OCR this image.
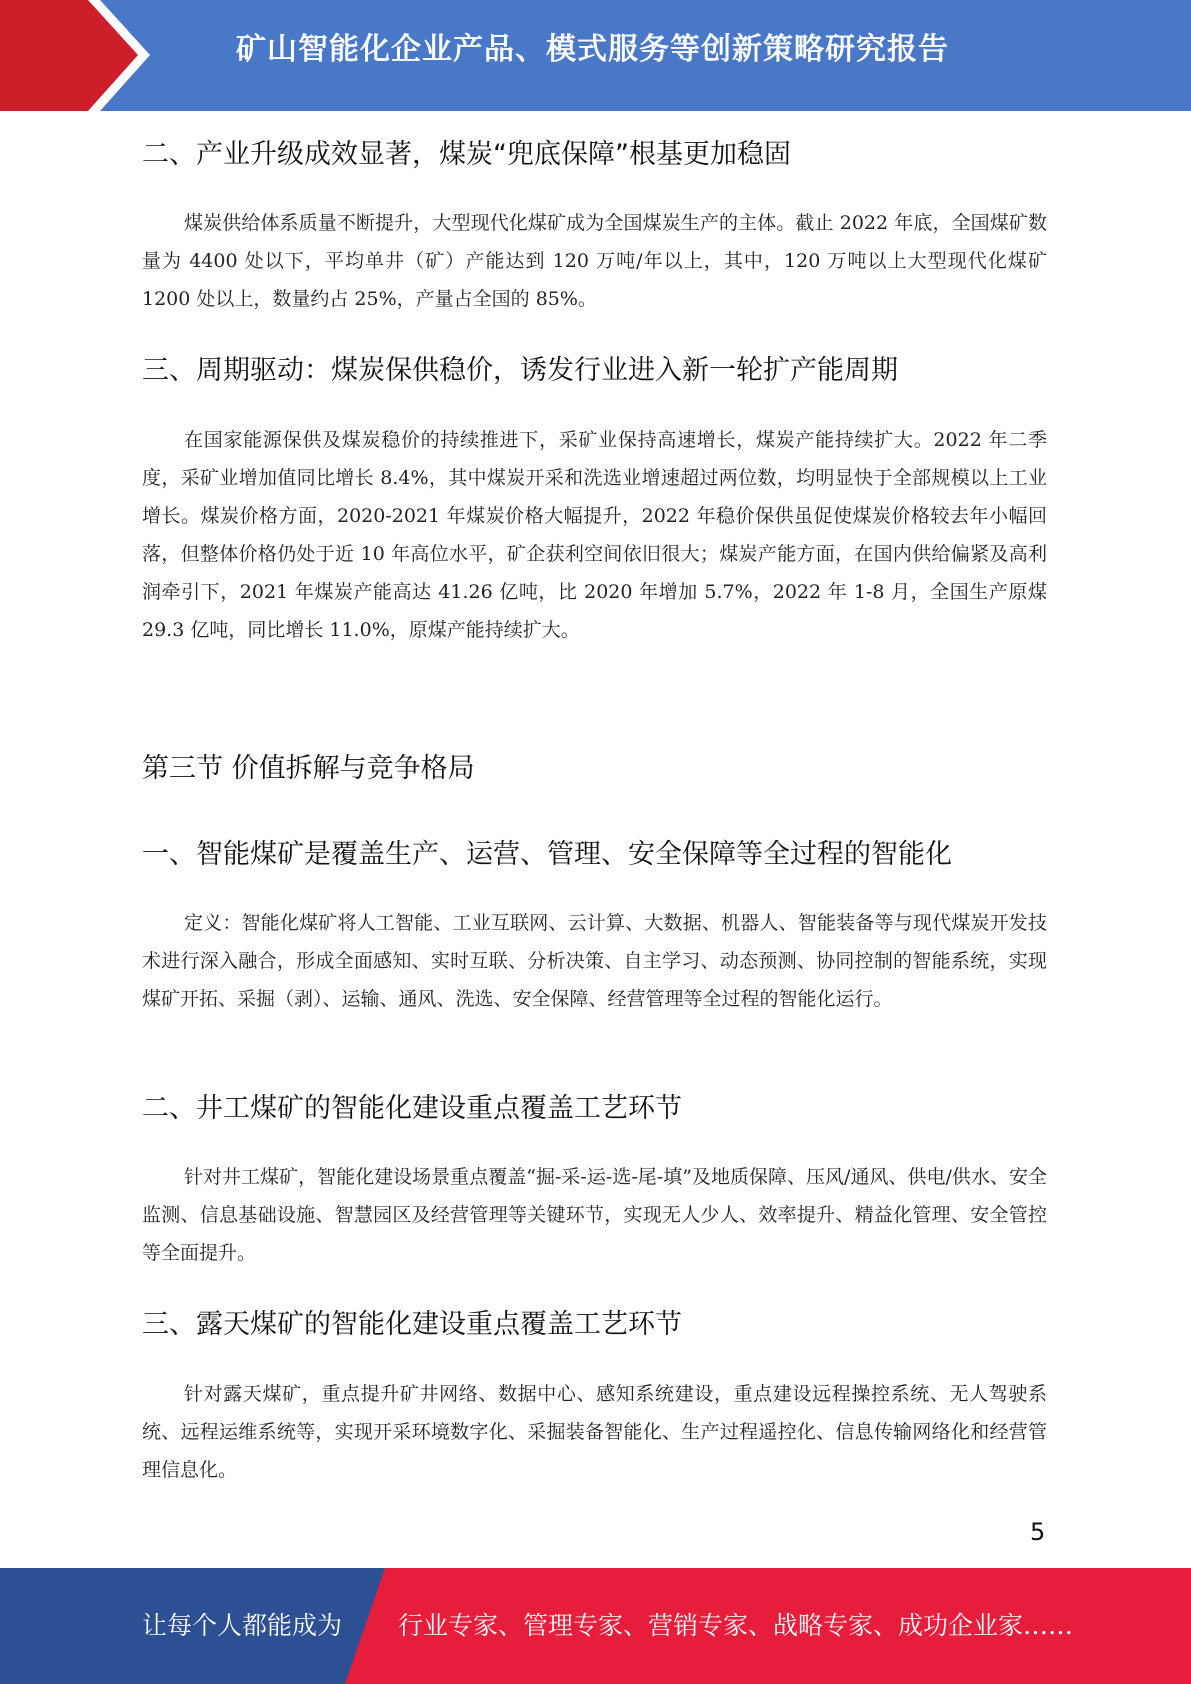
矿山智能化企业产品、模式服务等创新策略研究报告
二、产业升级成效显著，煤炭“兜底保障”根基更加稳固

煤炭供给体系质量不断提升，大型现代化煤矿成为全国煤炭生产的主体。截止 2022 年底，全国煤矿数量为 4400 处以下，平均单井（矿）产能达到 120 万吨/年以上，其中，120 万吨以上大型现代化煤矿 1200 处以上，数量约占 25%，产量占全国的 85%。

三、周期驱动：煤炭保供稳价，诱发行业进入新一轮扩产能周期

在国家能源保供及煤炭稳价的持续推进下，采矿业保持高速增长，煤炭产能持续扩大。2022 年二季度，采矿业增加值同比增长 8.4%，其中煤炭开采和洗选业增速超过两位数，均明显快于全部规模以上工业增长。煤炭价格方面，2020-2021 年煤炭价格大幅提升，2022 年稳价保供虽促使煤炭价格较去年小幅回落，但整体价格仍处于近 10 年高位水平，矿企获利空间依旧很大；煤炭产能方面，在国内供给偏紧及高利润牵引下，2021 年煤炭产能高达 41.26 亿吨，比 2020 年增加 5.7%，2022 年 1-8 月，全国生产原煤 29.3 亿吨，同比增长 11.0%，原煤产能持续扩大。

第三节 价值拆解与竞争格局
一、智能煤矿是覆盖生产、运营、管理、安全保障等全过程的智能化

定义：智能化煤矿将人工智能、工业互联网、云计算、大数据、机器人、智能装备等与现代煤炭开发技术进行深入融合，形成全面感知、实时互联、分析决策、自主学习、动态预测、协同控制的智能系统，实现煤矿开拓、采掘（剥）、运输、通风、洗选、安全保障、经营管理等全过程的智能化运行。

二、井工煤矿的智能化建设重点覆盖工艺环节

针对井工煤矿，智能化建设场景重点覆盖“掘-采-运-选-尾-填”及地质保障、压风/通风、供电/供水、安全监测、信息基础设施、智慧园区及经营管理等关键环节，实现无人少人、效率提升、精益化管理、安全管控等全面提升。

三、露天煤矿的智能化建设重点覆盖工艺环节

针对露天煤矿，重点提升矿井网络、数据中心、感知系统建设，重点建设远程操控系统、无人驾驶系统、远程运维系统等，实现开采环境数字化、采掘装备智能化、生产过程遥控化、信息传输网络化和经营管理信息化。

5
让每个人都能成为 行业专家、管理专家、营销专家、战略专家、成功企业家……
